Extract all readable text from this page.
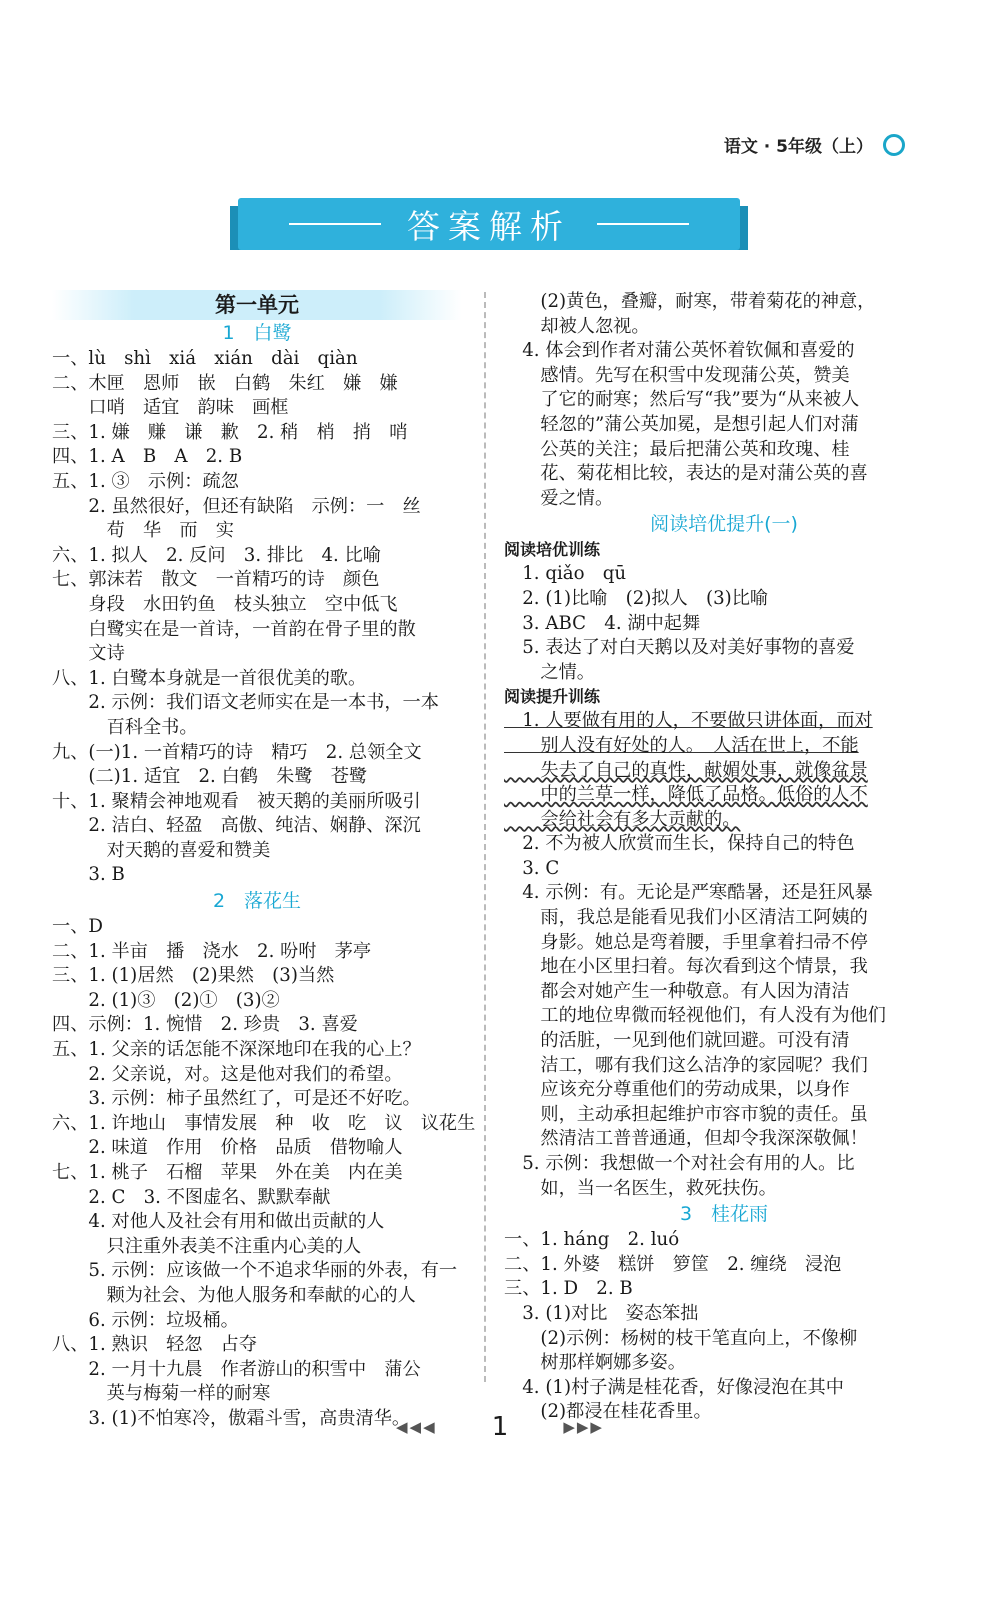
语文 · 5年级（上）
答案解析
第一单元
1　白鹭
一、lù　shì　xiá　xián　dài　qiàn
二、木匣　恩师　嵌　白鹤　朱红　嫌　嫌
　　口哨　适宜　韵味　画框
三、1. 嫌　赚　谦　歉　2. 稍　梢　捎　哨
四、1. A　B　A　2. B
五、1. ③　示例：疏忽
　　2. 虽然很好，但还有缺陷　示例：一　丝
　　　苟　华　而　实
六、1. 拟人　2. 反问　3. 排比　4. 比喻
七、郭沫若　散文　一首精巧的诗　颜色
　　身段　水田钓鱼　枝头独立　空中低飞
　　白鹭实在是一首诗，一首韵在骨子里的散
　　文诗
八、1. 白鹭本身就是一首很优美的歌。
　　2. 示例：我们语文老师实在是一本书，一本
　　　百科全书。
九、(一)1. 一首精巧的诗　精巧　2. 总领全文
　　(二)1. 适宜　2. 白鹤　朱鹭　苍鹭
十、1. 聚精会神地观看　被天鹅的美丽所吸引
　　2. 洁白、轻盈　高傲、纯洁、娴静、深沉
　　　对天鹅的喜爱和赞美
　　3. B
2　落花生
一、D
二、1. 半亩　播　浇水　2. 吩咐　茅亭
三、1. (1)居然　(2)果然　(3)当然
　　2. (1)③　(2)①　(3)②
四、示例：1. 惋惜　2. 珍贵　3. 喜爱
五、1. 父亲的话怎能不深深地印在我的心上？
　　2. 父亲说，对。这是他对我们的希望。
　　3. 示例：柿子虽然红了，可是还不好吃。
六、1. 许地山　事情发展　种　收　吃　议　议花生
　　2. 味道　作用　价格　品质　借物喻人
七、1. 桃子　石榴　苹果　外在美　内在美
　　2. C　3. 不图虚名、默默奉献
　　4. 对他人及社会有用和做出贡献的人
　　　只注重外表美不注重内心美的人
　　5. 示例：应该做一个不追求华丽的外表，有一
　　　颗为社会、为他人服务和奉献的心的人
　　6. 示例：垃圾桶。
八、1. 熟识　轻忽　占夺
　　2. 一月十九晨　作者游山的积雪中　蒲公
　　　英与梅菊一样的耐寒
　　3. (1)不怕寒冷，傲霜斗雪，高贵清华。
　　(2)黄色，叠瓣，耐寒，带着菊花的神意，
　　却被人忽视。
　4. 体会到作者对蒲公英怀着钦佩和喜爱的
　　感情。先写在积雪中发现蒲公英，赞美
　　了它的耐寒；然后写“我”要为“从来被人
　　轻忽的”蒲公英加冕，是想引起人们对蒲
　　公英的关注；最后把蒲公英和玫瑰、桂
　　花、菊花相比较，表达的是对蒲公英的喜
　　爱之情。
阅读培优提升(一)
阅读培优训练
　1. qiǎo　qū
　2. (1)比喻　(2)拟人　(3)比喻
　3. ABC　4. 湖中起舞
　5. 表达了对白天鹅以及对美好事物的喜爱
　　之情。
阅读提升训练
　1. 人要做有用的人，不要做只讲体面，而对
　　别人没有好处的人。　人活在世上，不能
　　失去了自己的真性，献媚处事，就像盆景
　　中的兰草一样，降低了品格。低俗的人不
　　会给社会有多大贡献的。
　2. 不为被人欣赏而生长，保持自己的特色
　3. C
　4. 示例：有。无论是严寒酷暑，还是狂风暴
　　雨，我总是能看见我们小区清洁工阿姨的
　　身影。她总是弯着腰，手里拿着扫帚不停
　　地在小区里扫着。每次看到这个情景，我
　　都会对她产生一种敬意。有人因为清洁
　　工的地位卑微而轻视他们，有人没有为他们
　　的活脏，一见到他们就回避。可没有清
　　洁工，哪有我们这么洁净的家园呢？我们
　　应该充分尊重他们的劳动成果，以身作
　　则，主动承担起维护市容市貌的责任。虽
　　然清洁工普普通通，但却令我深深敬佩！
　5. 示例：我想做一个对社会有用的人。比
　　如，当一名医生，救死扶伤。
3　桂花雨
一、1. háng　2. luó
二、1. 外婆　糕饼　箩筐　2. 缠绕　浸泡
三、1. D　2. B
　3. (1)对比　姿态笨拙
　　(2)示例：杨树的枝干笔直向上，不像柳
　　树那样婀娜多姿。
　4. (1)村子满是桂花香，好像浸泡在其中
　　(2)都浸在桂花香里。
◀◀◀ 1	▶▶▶
